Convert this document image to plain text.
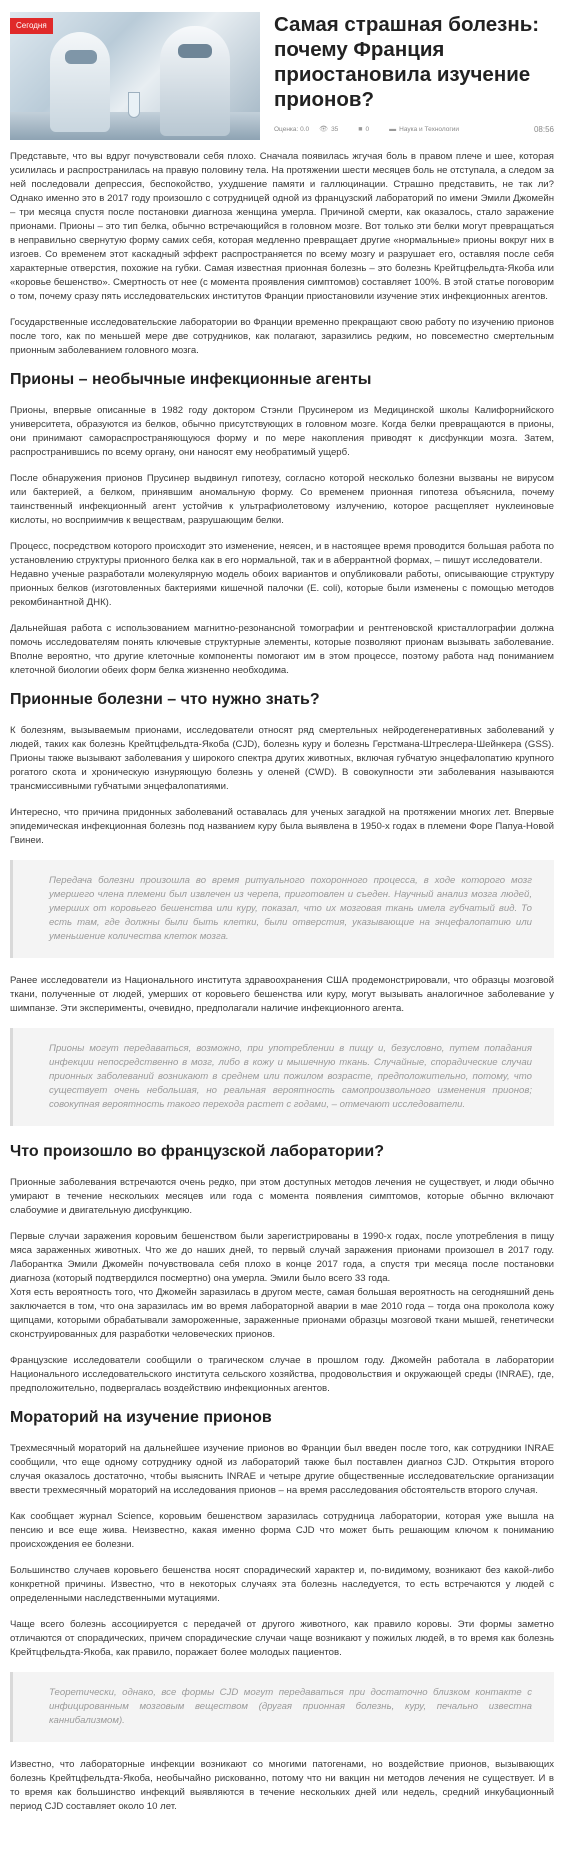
Сегодня	Самая страшная болезнь: почему Франция приостановила изучение прионов?
Оценка: 0.0 👁 35	■ 0	▬ Наука и Технологии	08:56

Представьте, что вы вдруг почувствовали себя плохо. Сначала появилась жгучая боль в правом плече и шее, которая усилилась и распространилась на правую половину тела. На протяжении шести месяцев боль не отступала, а следом за ней последовали депрессия, беспокойство, ухудшение памяти и галлюцинации. Страшно представить, не так ли? Однако именно это в 2017 году произошло с сотрудницей одной из французский лабораторий по имени Эмили Джомейн – три месяца спустя после постановки диагноза женщина умерла. Причиной смерти, как оказалось, стало заражение прионами. Прионы – это тип белка, обычно встречающийся в головном мозге. Вот только эти белки могут превращаться в неправильно свернутую форму самих себя, которая медленно превращает другие «нормальные» прионы вокруг них в изгоев. Со временем этот каскадный эффект распространяется по всему мозгу и разрушает его, оставляя после себя характерные отверстия, похожие на губки. Самая известная прионная болезнь – это болезнь Крейтцфельдта-Якоба или «коровье бешенство». Смертность от нее (с момента проявления симптомов) составляет 100%. В этой статье поговорим о том, почему сразу пять исследовательских институтов Франции приостановили изучение этих инфекционных агентов.

Государственные исследовательские лаборатории во Франции временно прекращают свою работу по изучению прионов после того, как по меньшей мере две сотрудников, как полагают, заразились редким, но повсеместно смертельным прионным заболеванием головного мозга.

Прионы – необычные инфекционные агенты

Прионы, впервые описанные в 1982 году доктором Стэнли Прусинером из Медицинской школы Калифорнийского университета, образуются из белков, обычно присутствующих в головном мозге. Когда белки превращаются в прионы, они принимают самораспространяющуюся форму и по мере накопления приводят к дисфункции мозга. Затем, распространившись по всему органу, они наносят ему необратимый ущерб.

После обнаружения прионов Прусинер выдвинул гипотезу, согласно которой несколько болезни вызваны не вирусом или бактерией, а белком, принявшим аномальную форму. Со временем прионная гипотеза объяснила, почему таинственный инфекционный агент устойчив к ультрафиолетовому излучению, которое расщепляет нуклеиновые кислоты, но восприимчив к веществам, разрушающим белки.

Процесс, посредством которого происходит это изменение, неясен, и в настоящее время проводится большая работа по установлению структуры прионного белка как в его нормальной, так и в аберрантной формах, – пишут исследователи.

Недавно ученые разработали молекулярную модель обоих вариантов и опубликовали работы, описывающие структуру прионных белков (изготовленных бактериями кишечной палочки (E. coli), которые были изменены с помощью методов рекомбинантной ДНК).

Дальнейшая работа с использованием магнитно-резонансной томографии и рентгеновской кристаллографии должна помочь исследователям понять ключевые структурные элементы, которые позволяют прионам вызывать заболевание. Вполне вероятно, что другие клеточные компоненты помогают им в этом процессе, поэтому работа над пониманием клеточной биологии обеих форм белка жизненно необходима.

Прионные болезни – что нужно знать?

К болезням, вызываемым прионами, исследователи относят ряд смертельных нейродегенеративных заболеваний у людей, таких как болезнь Крейтцфельдта-Якоба (CJD), болезнь куру и болезнь Герстмана-Штреслера-Шейнкера (GSS). Прионы также вызывают заболевания у широкого спектра других животных, включая губчатую энцефалопатию крупного рогатого скота и хроническую изнуряющую болезнь у оленей (CWD). В совокупности эти заболевания называются трансмиссивными губчатыми энцефалопатиями.

Интересно, что причина придонных заболеваний оставалась для ученых загадкой на протяжении многих лет. Впервые эпидемическая инфекционная болезнь под названием куру была выявлена в 1950-х годах в племени Форе Папуа-Новой Гвинеи.

Передача болезни произошла во время ритуального похоронного процесса, в ходе которого мозг умершего члена племени был извлечен из черепа, приготовлен и съеден. Научный анализ мозга людей, умерших от коровьего бешенства или куру, показал, что их мозговая ткань имела губчатый вид. То есть там, где должны были быть клетки, были отверстия, указывающие на энцефалопатию или уменьшение количества клеток мозга.

Ранее исследователи из Национального института здравоохранения США продемонстрировали, что образцы мозговой ткани, полученные от людей, умерших от коровьего бешенства или куру, могут вызывать аналогичное заболевание у шимпанзе. Эти эксперименты, очевидно, предполагали наличие инфекционного агента.

Прионы могут передаваться, возможно, при употреблении в пищу и, безусловно, путем попадания инфекции непосредственно в мозг, либо в кожу и мышечную ткань. Случайные, спорадические случаи прионных заболеваний возникают в среднем или пожилом возрасте, предположительно, потому, что существует очень небольшая, но реальная вероятность самопроизвольного изменения прионов; совокупная вероятность такого перехода растет с годами, – отмечают исследователи.

Что произошло во французской лаборатории?

Прионные заболевания встречаются очень редко, при этом доступных методов лечения не существует, и люди обычно умирают в течение нескольких месяцев или года с момента появления симптомов, которые обычно включают слабоумие и двигательную дисфункцию.

Первые случаи заражения коровьим бешенством были зарегистрированы в 1990-х годах, после употребления в пищу мяса зараженных животных. Что же до наших дней, то первый случай заражения прионами произошел в 2017 году. Лаборантка Эмили Джомейн почувствовала себя плохо в конце 2017 года, а спустя три месяца после постановки диагноза (который подтвердился посмертно) она умерла. Эмили было всего 33 года.

Хотя есть вероятность того, что Джомейн заразилась в другом месте, самая большая вероятность на сегодняшний день заключается в том, что она заразилась им во время лабораторной аварии в мае 2010 года – тогда она проколола кожу щипцами, которыми обрабатывали замороженные, зараженные прионами образцы мозговой ткани мышей, генетически сконструированных для разработки человеческих прионов.

Французские исследователи сообщили о трагическом случае в прошлом году. Джомейн работала в лаборатории Национального исследовательского института сельского хозяйства, продовольствия и окружающей среды (INRAE), где, предположительно, подвергалась воздействию инфекционных агентов.

Мораторий на изучение прионов

Трехмесячный мораторий на дальнейшее изучение прионов во Франции был введен после того, как сотрудники INRAE сообщили, что еще одному сотруднику одной из лабораторий также был поставлен диагноз CJD. Открытия второго случая оказалось достаточно, чтобы выяснить INRAE и четыре другие общественные исследовательские организации ввести трехмесячный мораторий на исследования прионов – на время расследования обстоятельств второго случая.

Как сообщает журнал Science, коровьим бешенством заразилась сотрудница лаборатории, которая уже вышла на пенсию и все еще жива. Неизвестно, какая именно форма CJD что может быть решающим ключом к пониманию происхождения ее болезни.

Большинство случаев коровьего бешенства носят спорадический характер и, по-видимому, возникают без какой-либо конкретной причины. Известно, что в некоторых случаях эта болезнь наследуется, то есть встречаются у людей с определенными наследственными мутациями.

Чаще всего болезнь ассоциируется с передачей от другого животного, как правило коровы. Эти формы заметно отличаются от спорадических, причем спорадические случаи чаще возникают у пожилых людей, в то время как болезнь Крейтцфельдта-Якоба, как правило, поражает более молодых пациентов.

Теоретически, однако, все формы CJD могут передаваться при достаточно близком контакте с инфицированным мозговым веществом (другая прионная болезнь, куру, печально известна каннибализмом).

Известно, что лабораторные инфекции возникают со многими патогенами, но воздействие прионов, вызывающих болезнь Крейтцфельдта-Якоба, необычайно рискованно, потому что ни вакцин ни методов лечения не существует. И в то время как большинство инфекций выявляются в течение нескольких дней или недель, средний инкубационный период CJD составляет около 10 лет.
